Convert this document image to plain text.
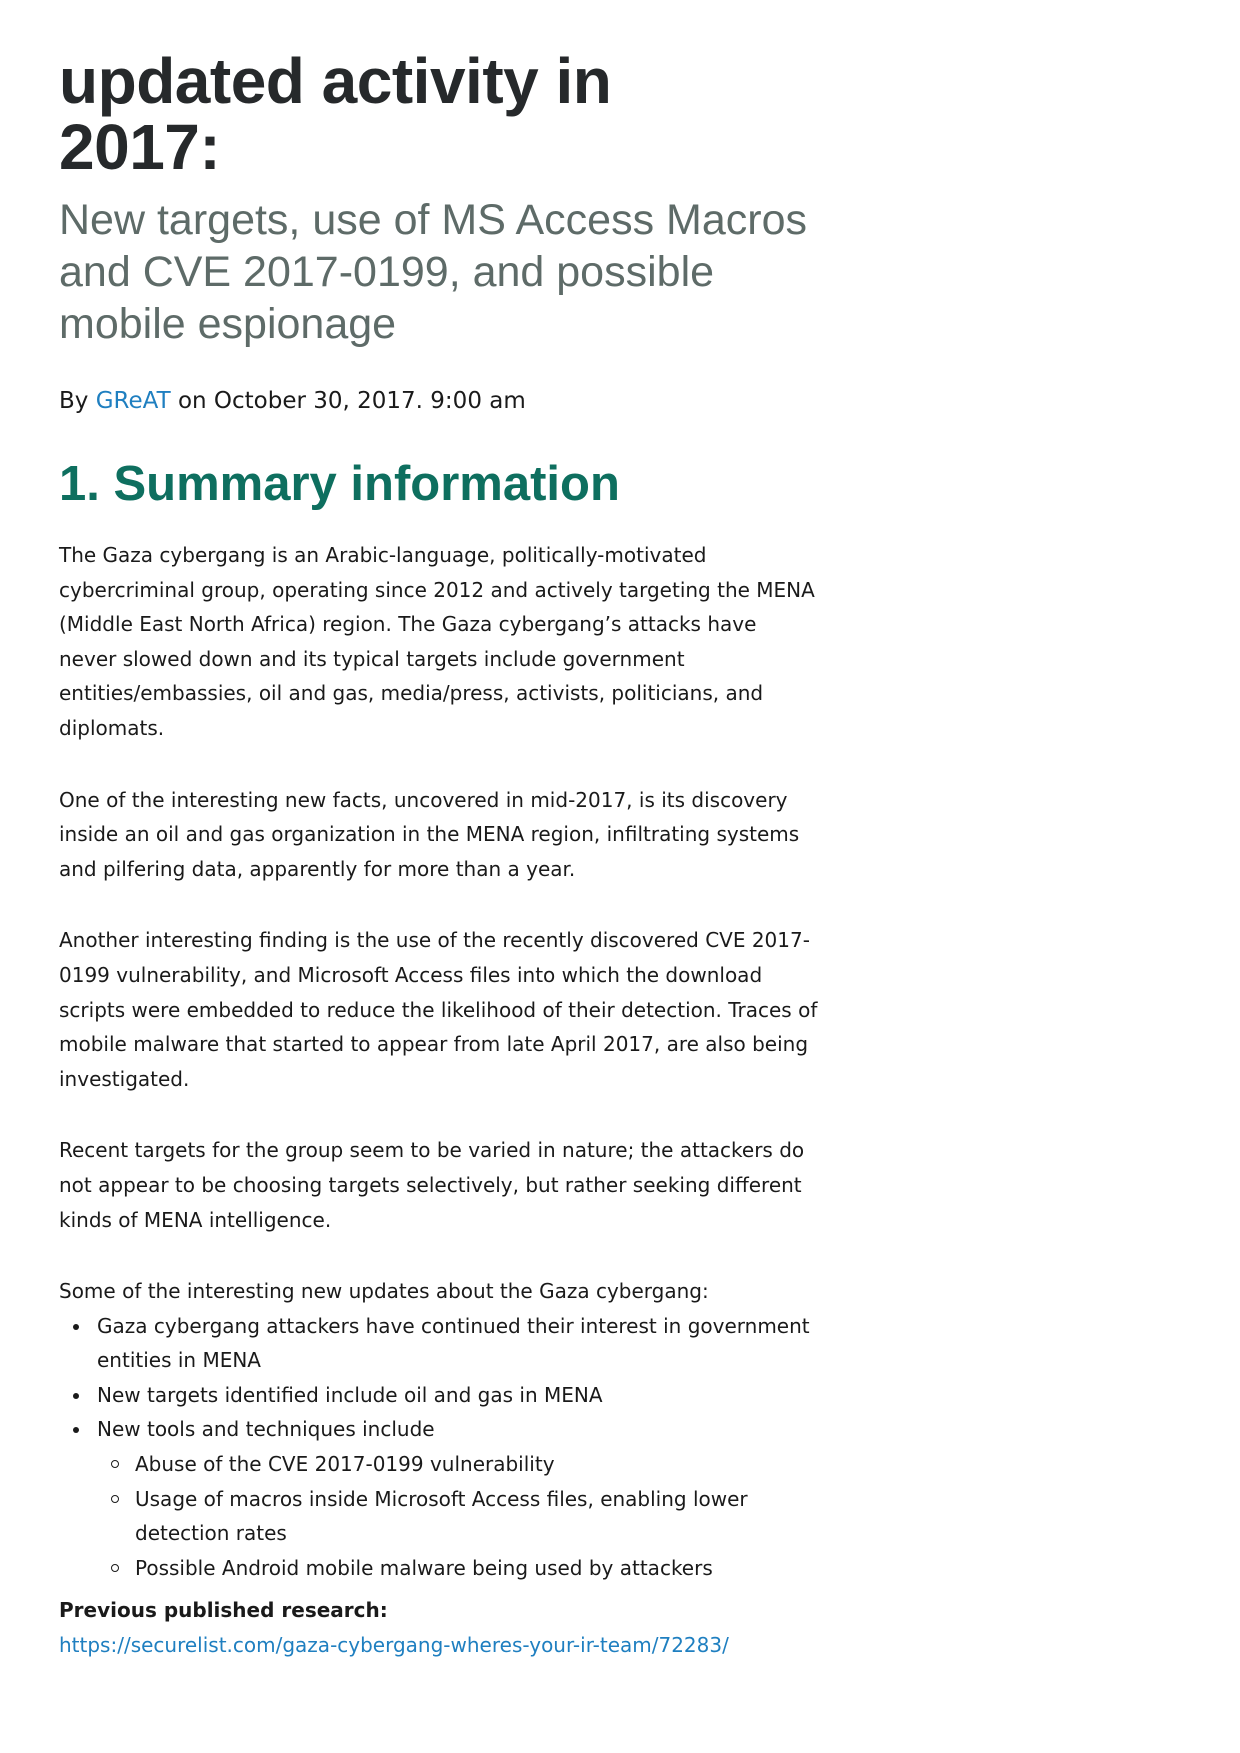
updated activity in
2017:
New targets, use of MS Access Macros and CVE 2017-0199, and possible mobile espionage

By GReAT on October 30, 2017. 9:00 am

1. Summary information

The Gaza cybergang is an Arabic-language, politically-motivated cybercriminal group, operating since 2012 and actively targeting the MENA (Middle East North Africa) region. The Gaza cybergang’s attacks have never slowed down and its typical targets include government entities/embassies, oil and gas, media/press, activists, politicians, and diplomats.

One of the interesting new facts, uncovered in mid-2017, is its discovery inside an oil and gas organization in the MENA region, infiltrating systems and pilfering data, apparently for more than a year.

Another interesting finding is the use of the recently discovered CVE 2017-0199 vulnerability, and Microsoft Access files into which the download scripts were embedded to reduce the likelihood of their detection. Traces of mobile malware that started to appear from late April 2017, are also being investigated.

Recent targets for the group seem to be varied in nature; the attackers do not appear to be choosing targets selectively, but rather seeking different kinds of MENA intelligence.

Some of the interesting new updates about the Gaza cybergang:

Gaza cybergang attackers have continued their interest in government entities in MENA
New targets identified include oil and gas in MENA
New tools and techniques include
Abuse of the CVE 2017-0199 vulnerability
Usage of macros inside Microsoft Access files, enabling lower detection rates
Possible Android mobile malware being used by attackers

Previous published research:

https://securelist.com/gaza-cybergang-wheres-your-ir-team/72283/
